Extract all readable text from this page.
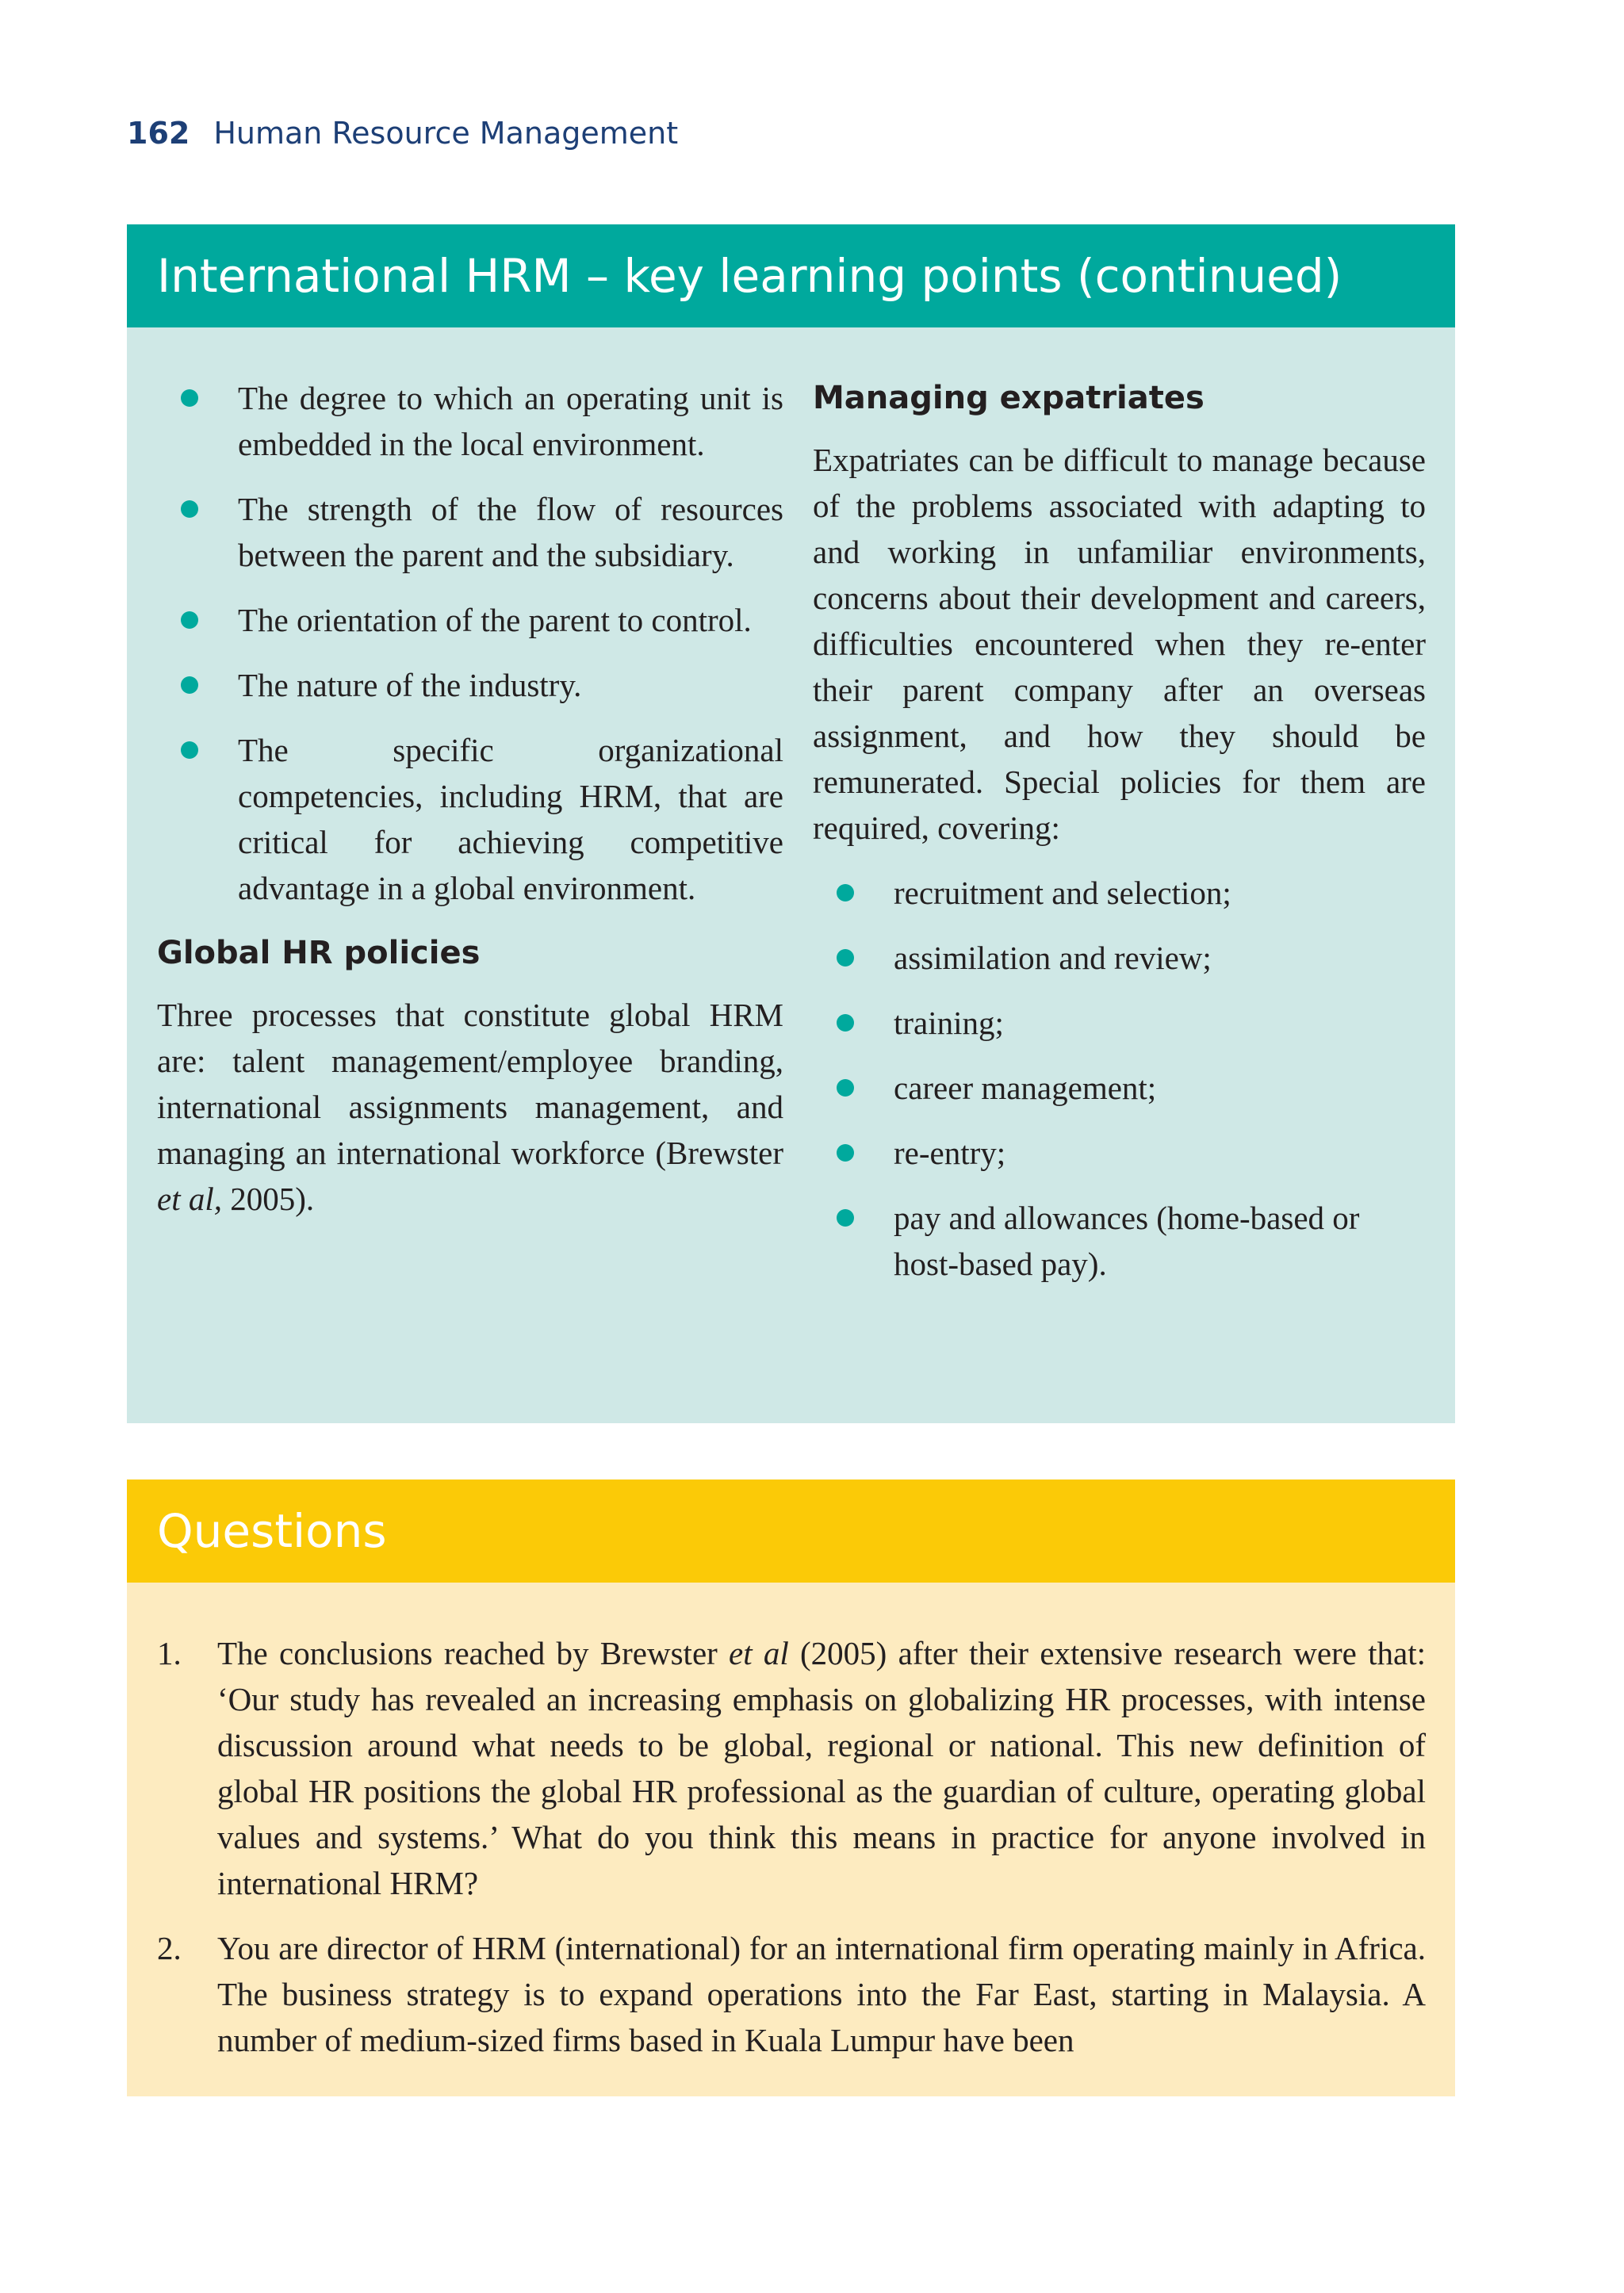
162 Human Resource Management
International HRM – key learning points (continued)
The degree to which an operating unit is embedded in the local environment.
The strength of the flow of resources between the parent and the subsidiary.
The orientation of the parent to control.
The nature of the industry.
The specific organizational competencies, including HRM, that are critical for achieving competitive advantage in a global environment.
Global HR policies

Three processes that constitute global HRM are: talent management/employee branding, international assignments management, and managing an international workforce (Brewster et al, 2005).

Managing expatriates

Expatriates can be difficult to manage because of the problems associated with adapting to and working in unfamiliar environments, concerns about their development and careers, difficulties encountered when they re-enter their parent company after an overseas assignment, and how they should be remunerated. Special policies for them are required, covering:

recruitment and selection;
assimilation and review;
training;
career management;
re-entry;
pay and allowances (home-based or host-based pay).
Questions
1. The conclusions reached by Brewster et al (2005) after their extensive research were that: ‘Our study has revealed an increasing emphasis on globalizing HR processes, with intense discussion around what needs to be global, regional or national. This new definition of global HR positions the global HR professional as the guardian of culture, operating global values and systems.’ What do you think this means in practice for anyone involved in international HRM?
2. You are director of HRM (international) for an international firm operating mainly in Africa. The business strategy is to expand operations into the Far East, starting in Malaysia. A number of medium-sized firms based in Kuala Lumpur have been
